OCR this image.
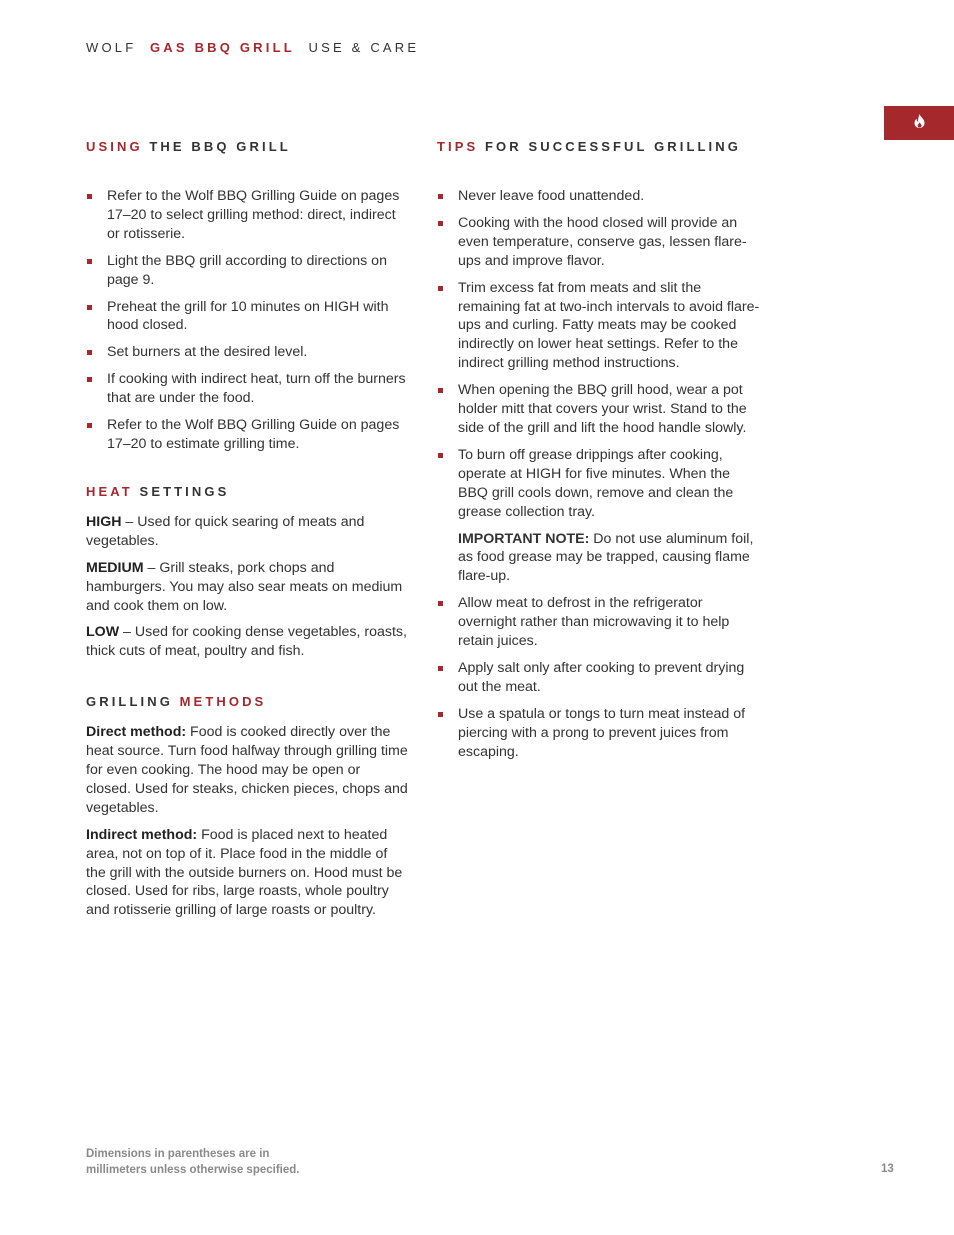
WOLF GAS BBQ GRILL USE & CARE
USING THE BBQ GRILL
Refer to the Wolf BBQ Grilling Guide on pages 17–20 to select grilling method: direct, indirect or rotisserie.
Light the BBQ grill according to directions on page 9.
Preheat the grill for 10 minutes on HIGH with hood closed.
Set burners at the desired level.
If cooking with indirect heat, turn off the burners that are under the food.
Refer to the Wolf BBQ Grilling Guide on pages 17–20 to estimate grilling time.
HEAT SETTINGS

HIGH – Used for quick searing of meats and vegetables.

MEDIUM – Grill steaks, pork chops and hamburgers. You may also sear meats on medium and cook them on low.

LOW – Used for cooking dense vegetables, roasts, thick cuts of meat, poultry and fish.

GRILLING METHODS

Direct method: Food is cooked directly over the heat source. Turn food halfway through grilling time for even cooking. The hood may be open or closed. Used for steaks, chicken pieces, chops and vegetables.

Indirect method: Food is placed next to heated area, not on top of it. Place food in the middle of the grill with the outside burners on. Hood must be closed. Used for ribs, large roasts, whole poultry and rotisserie grilling of large roasts or poultry.

TIPS FOR SUCCESSFUL GRILLING
Never leave food unattended.
Cooking with the hood closed will provide an even temperature, conserve gas, lessen flare-ups and improve flavor.
Trim excess fat from meats and slit the remaining fat at two-inch intervals to avoid flare-ups and curling. Fatty meats may be cooked indirectly on lower heat settings. Refer to the indirect grilling method instructions.
When opening the BBQ grill hood, wear a pot holder mitt that covers your wrist. Stand to the side of the grill and lift the hood handle slowly.
To burn off grease drippings after cooking, operate at HIGH for five minutes. When the BBQ grill cools down, remove and clean the grease collection tray.

IMPORTANT NOTE: Do not use aluminum foil, as food grease may be trapped, causing flame flare-up.

Allow meat to defrost in the refrigerator overnight rather than microwaving it to help retain juices.
Apply salt only after cooking to prevent drying out the meat.
Use a spatula or tongs to turn meat instead of piercing with a prong to prevent juices from escaping.
Dimensions in parentheses are in
millimeters unless otherwise specified.	13
